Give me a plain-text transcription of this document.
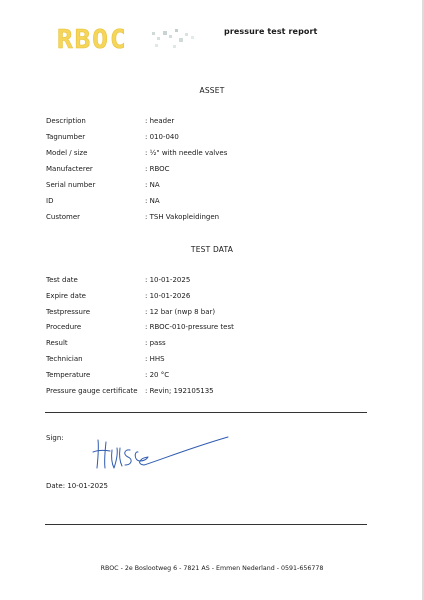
RBOC	pressure test report
ASSET
Description	: header
Tagnumber	: 010-040
Model / size	: ½" with needle valves
Manufacterer	: RBOC
Serial number	: NA
ID	: NA
Customer	: TSH Vakopleidingen
TEST DATA
Test date	: 10-01-2025
Expire date	: 10-01-2026
Testpressure	: 12 bar (nwp 8 bar)
Procedure	: RBOC-010-pressure test
Result	: pass
Technician	: HHS
Temperature	: 20 °C
Pressure gauge certificate	: Revin; 192105135
Sign:
Date: 10-01-2025
RBOC - 2e Boslootweg 6 - 7821 AS - Emmen Nederland - 0591-656778
